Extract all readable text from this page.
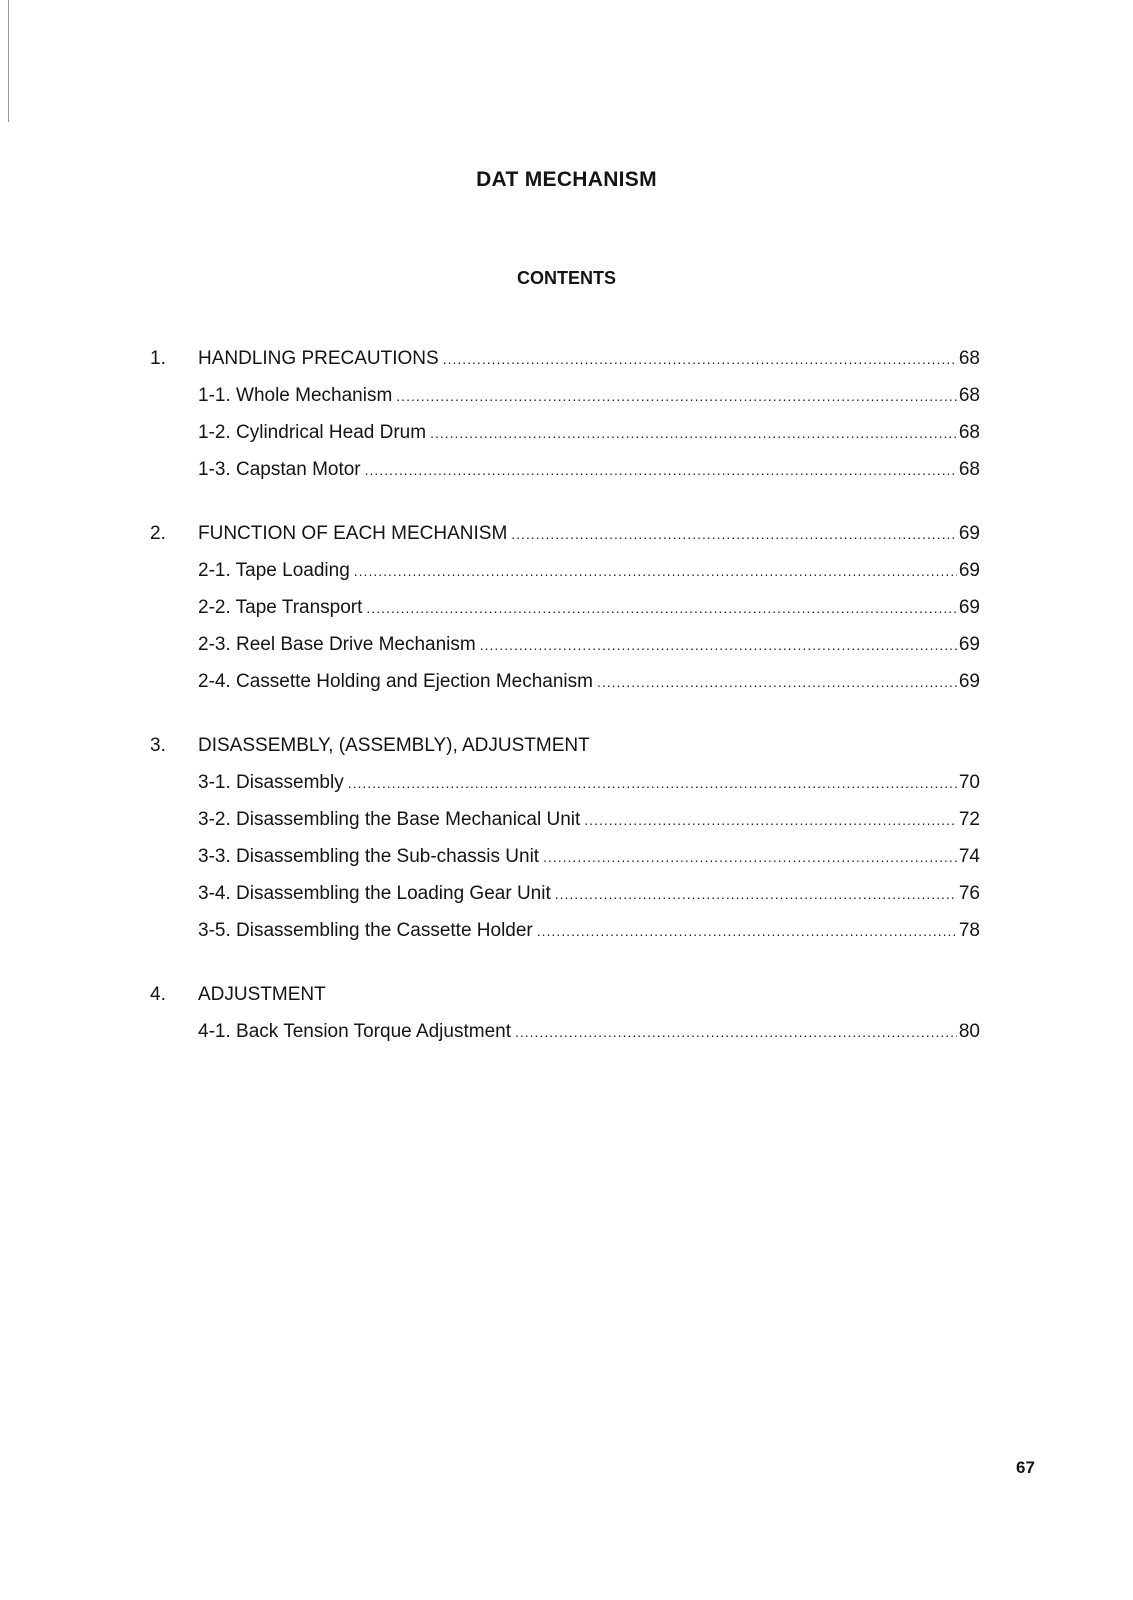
DAT MECHANISM
CONTENTS
1.	HANDLING PRECAUTIONS .....	68
1-1. Whole Mechanism .....	68
1-2. Cylindrical Head Drum .....	68
1-3. Capstan Motor .....	68
2.	FUNCTION OF EACH MECHANISM .....	69
2-1. Tape Loading .....	69
2-2. Tape Transport .....	69
2-3. Reel Base Drive Mechanism .....	69
2-4. Cassette Holding and Ejection Mechanism .....	69
3.	DISASSEMBLY, (ASSEMBLY), ADJUSTMENT
3-1. Disassembly .....	70
3-2. Disassembling the Base Mechanical Unit .....	72
3-3. Disassembling the Sub-chassis Unit .....	74
3-4. Disassembling the Loading Gear Unit .....	76
3-5. Disassembling the Cassette Holder .....	78
4.	ADJUSTMENT
4-1. Back Tension Torque Adjustment .....	80
67
